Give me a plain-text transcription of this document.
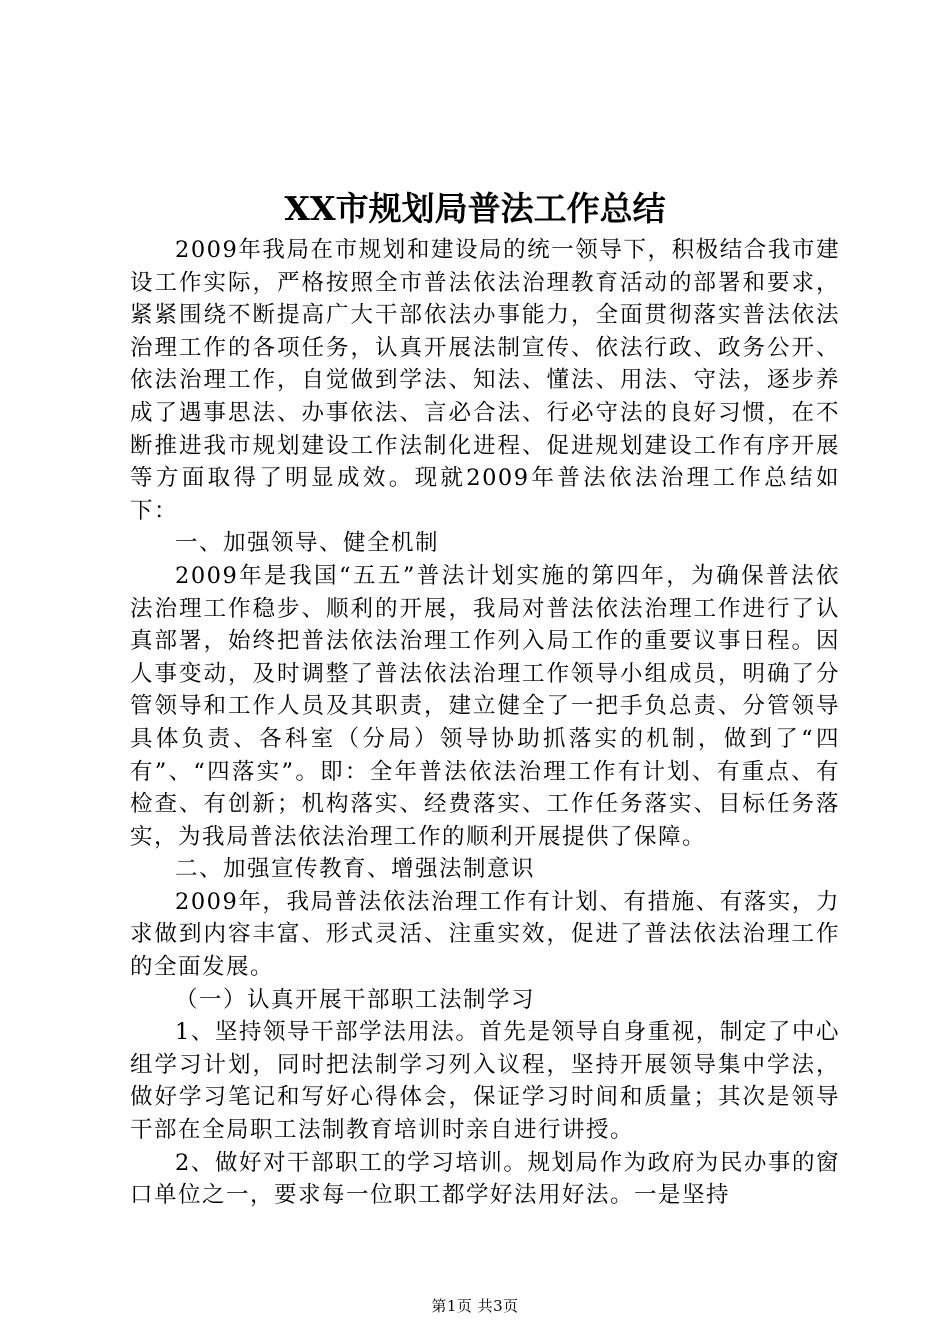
XX市规划局普法工作总结

2009年我局在市规划和建设局的统一领导下，积极结合我市建设工作实际，严格按照全市普法依法治理教育活动的部署和要求，紧紧围绕不断提高广大干部依法办事能力，全面贯彻落实普法依法治理工作的各项任务，认真开展法制宣传、依法行政、政务公开、依法治理工作，自觉做到学法、知法、懂法、用法、守法，逐步养成了遇事思法、办事依法、言必合法、行必守法的良好习惯，在不断推进我市规划建设工作法制化进程、促进规划建设工作有序开展等方面取得了明显成效。现就2009年普法依法治理工作总结如下：

一、加强领导、健全机制

2009年是我国“五五”普法计划实施的第四年，为确保普法依法治理工作稳步、顺利的开展，我局对普法依法治理工作进行了认真部署，始终把普法依法治理工作列入局工作的重要议事日程。因人事变动，及时调整了普法依法治理工作领导小组成员，明确了分管领导和工作人员及其职责，建立健全了一把手负总责、分管领导具体负责、各科室（分局）领导协助抓落实的机制，做到了“四有”、“四落实”。即：全年普法依法治理工作有计划、有重点、有检查、有创新；机构落实、经费落实、工作任务落实、目标任务落实，为我局普法依法治理工作的顺利开展提供了保障。

二、加强宣传教育、增强法制意识

2009年，我局普法依法治理工作有计划、有措施、有落实，力求做到内容丰富、形式灵活、注重实效，促进了普法依法治理工作的全面发展。

（一）认真开展干部职工法制学习

1、坚持领导干部学法用法。首先是领导自身重视，制定了中心组学习计划，同时把法制学习列入议程，坚持开展领导集中学法，做好学习笔记和写好心得体会，保证学习时间和质量；其次是领导干部在全局职工法制教育培训时亲自进行讲授。

2、做好对干部职工的学习培训。规划局作为政府为民办事的窗口单位之一，要求每一位职工都学好法用好法。一是坚持

第1页 共3页
